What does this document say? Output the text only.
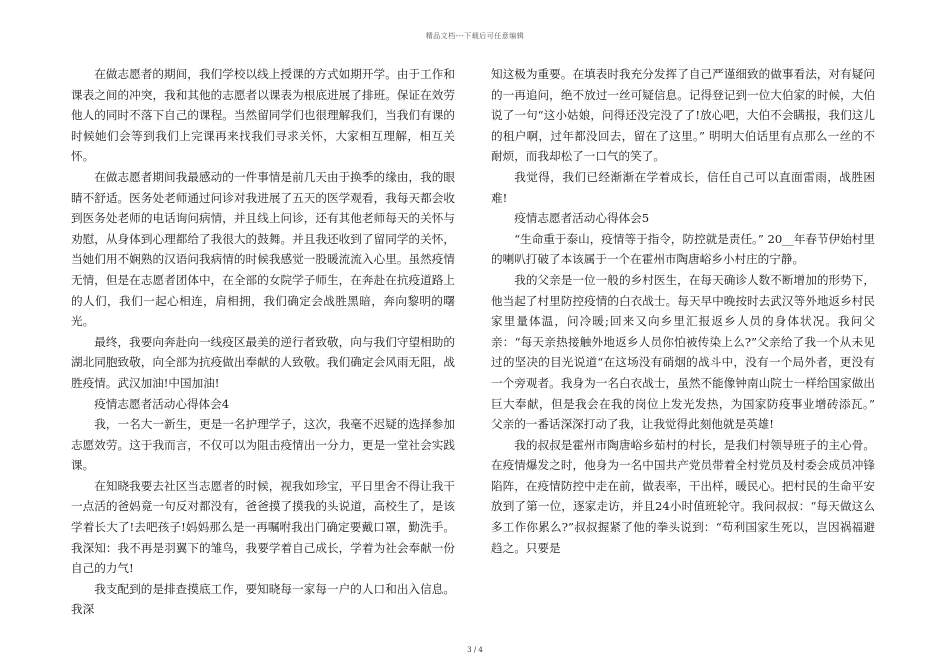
精品文档---下载后可任意编辑

在做志愿者的期间，我们学校以线上授课的方式如期开学。由于工作和课表之间的冲突，我和其他的志愿者以课表为根底进展了排班。保证在效劳他人的同时不落下自己的课程。当然留同学们也很理解我们，当我们有课的时候她们会等到我们上完课再来找我们寻求关怀，大家相互理解，相互关怀。

在做志愿者期间我最感动的一件事情是前几天由于换季的缘由，我的眼睛不舒适。医务处老师通过问诊对我进展了五天的医学观看，我每天都会收到医务处老师的电话询问病情，并且线上问诊，还有其他老师每天的关怀与劝慰，从身体到心理都给了我很大的鼓舞。并且我还收到了留同学的关怀，当她们用不娴熟的汉语问我病情的时候我感觉一股暖流流入心里。虽然疫情无情，但是在志愿者团体中，在全部的女院学子师生，在奔赴在抗疫道路上的人们，我们一起心相连，肩相拥，我们确定会战胜黑暗，奔向黎明的曙光。

最终，我要向奔赴向一线疫区最美的逆行者致敬，向与我们守望相助的湖北同胞致敬，向全部为抗疫做出奉献的人致敬。我们确定会风雨无阻，战胜疫情。武汉加油!中国加油!

疫情志愿者活动心得体会4

我，一名大一新生，更是一名护理学子，这次，我毫不迟疑的选择参加志愿效劳。这于我而言，不仅可以为阻击疫情出一分力，更是一堂社会实践课。

在知晓我要去社区当志愿者的时候，视我如珍宝，平日里舍不得让我干一点活的爸妈竟一句反对都没有，爸爸摸了摸我的头说道，高校生了，是该学着长大了!去吧孩子!妈妈那么是一再嘱咐我出门确定要戴口罩，勤洗手。我深知：我不再是羽翼下的雏鸟，我要学着自己成长，学着为社会奉献一份自己的力气!

我支配到的是排查摸底工作，要知晓每一家每一户的人口和出入信息。我深

知这极为重要。在填表时我充分发挥了自己严谨细致的做事看法，对有疑问的一再追问，绝不放过一丝可疑信息。记得登记到一位大伯家的时候，大伯说了一句“这小姑娘，问得还没完没了了!放心吧，大伯不会瞒报，我们这儿的租户啊，过年都没回去，留在了这里。” 明明大伯话里有点那么一丝的不耐烦，而我却松了一口气的笑了。

我觉得，我们已经渐渐在学着成长，信任自己可以直面雷雨，战胜困难!

疫情志愿者活动心得体会5

“生命重于泰山，疫情等于指令，防控就是责任。” 20__年春节伊始村里的喇叭打破了本该属于一个在霍州市陶唐峪乡小村庄的宁静。

我的父亲是一位一般的乡村医生，在每天确诊人数不断增加的形势下，他当起了村里防控疫情的白衣战士。每天早中晚按时去武汉等外地返乡村民家里量体温，问冷暖;回来又向乡里汇报返乡人员的身体状况。我问父亲：“每天亲热接触外地返乡人员你怕被传染上么?”父亲给了我一个从未见过的坚决的目光说道“在这场没有硝烟的战斗中，没有一个局外者，更没有一个旁观者。我身为一名白衣战士，虽然不能像钟南山院士一样给国家做出巨大奉献，但是我会在我的岗位上发光发热，为国家防疫事业增砖添瓦。” 父亲的一番话深深打动了我，让我觉得此刻他就是英雄!

我的叔叔是霍州市陶唐峪乡茹村的村长，是我们村领导班子的主心骨。在疫情爆发之时，他身为一名中国共产党员带着全村党员及村委会成员冲锋陷阵，在疫情防控中走在前，做表率，干出样，暖民心。把村民的生命平安放到了第一位，逐家走访，并且24小时值班轮守。我问叔叔：“每天做这么多工作你累么?”叔叔握紧了他的拳头说到：“苟利国家生死以，岂因祸福避趋之。只要是

3 / 4
